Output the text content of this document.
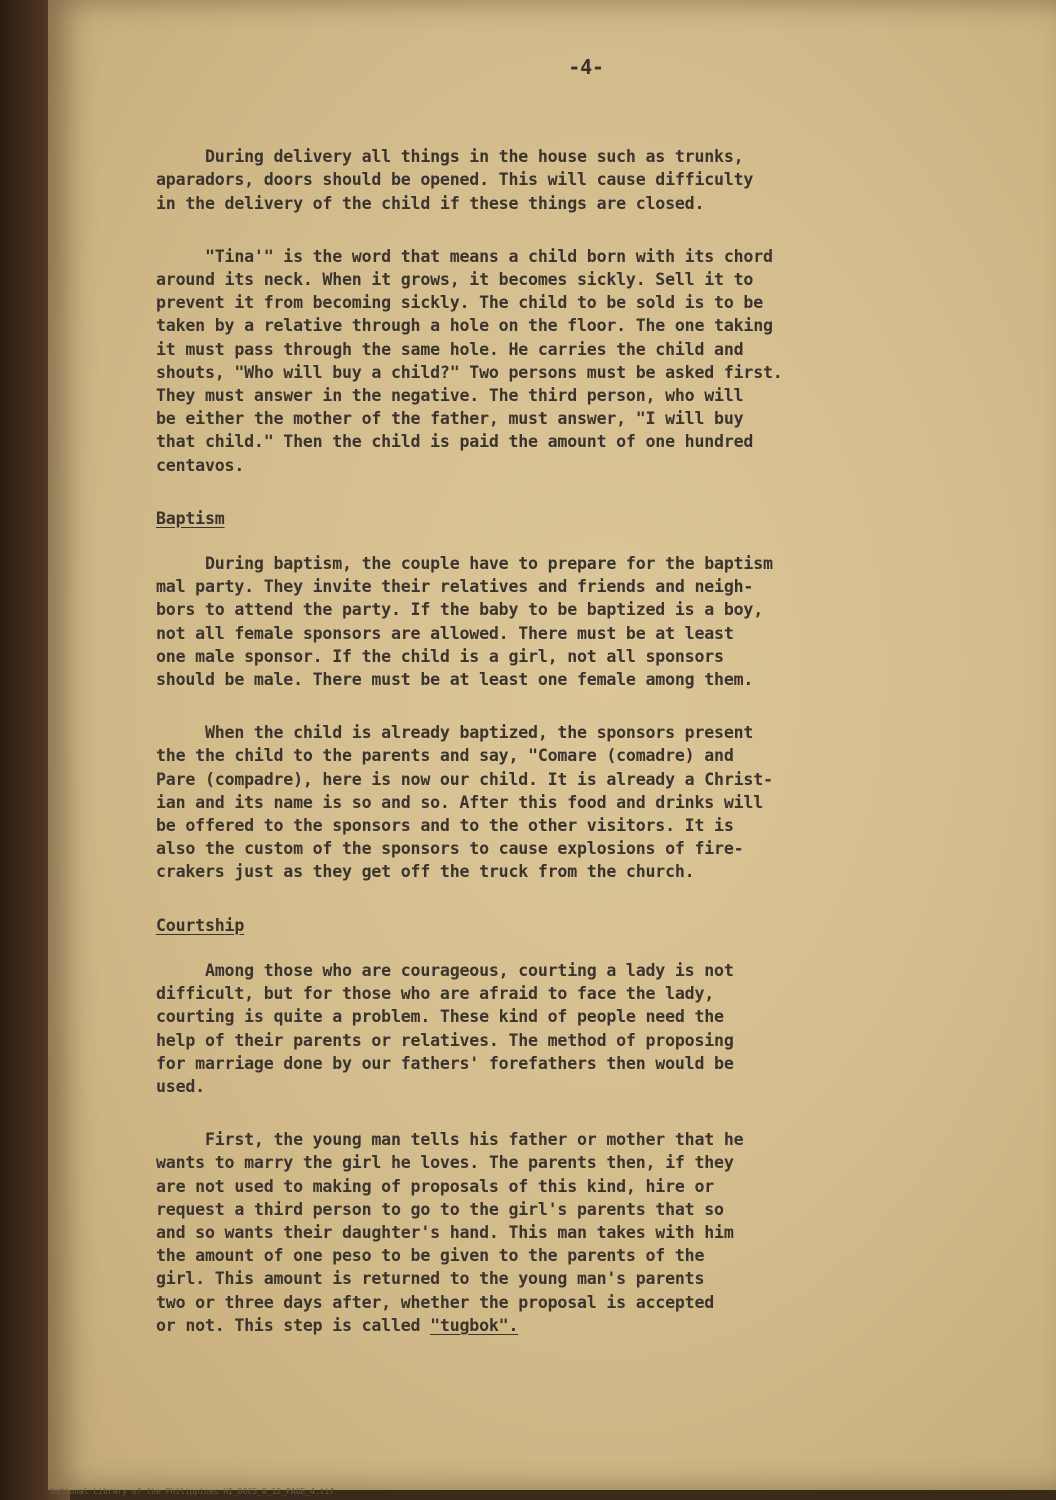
-4-

During delivery all things in the house such as trunks,
aparadors, doors should be opened. This will cause difficulty
in the delivery of the child if these things are closed.

"Tina'" is the word that means a child born with its chord
around its neck. When it grows, it becomes sickly. Sell it to
prevent it from becoming sickly. The child to be sold is to be
taken by a relative through a hole on the floor. The one taking
it must pass through the same hole. He carries the child and
shouts, "Who will buy a child?" Two persons must be asked first.
They must answer in the negative. The third person, who will
be either the mother of the father, must answer, "I will buy
that child." Then the child is paid the amount of one hundred
centavos.

Baptism

During baptism, the couple have to prepare for the baptism
mal party. They invite their relatives and friends and neigh-
bors to attend the party. If the baby to be baptized is a boy,
not all female sponsors are allowed. There must be at least
one male sponsor. If the child is a girl, not all sponsors
should be male. There must be at least one female among them.

When the child is already baptized, the sponsors present
the the child to the parents and say, "Comare (comadre) and
Pare (compadre), here is now our child. It is already a Christ-
ian and its name is so and so. After this food and drinks will
be offered to the sponsors and to the other visitors. It is
also the custom of the sponsors to cause explosions of fire-
crakers just as they get off the truck from the church.

Courtship

Among those who are courageous, courting a lady is not
difficult, but for those who are afraid to face the lady,
courting is quite a problem. These kind of people need the
help of their parents or relatives. The method of proposing
for marriage done by our fathers' forefathers then would be
used.

First, the young man tells his father or mother that he
wants to marry the girl he loves. The parents then, if they
are not used to making of proposals of this kind, hire or
request a third person to go to the girl's parents that so
and so wants their daughter's hand. This man takes with him
the amount of one peso to be given to the parents of the
girl. This amount is returned to the young man's parents
two or three days after, whether the proposal is accepted

or not. This step is called "tugbok".

National Library of the Philippines HI_DOCS_0_12_PAGE_4.tif
